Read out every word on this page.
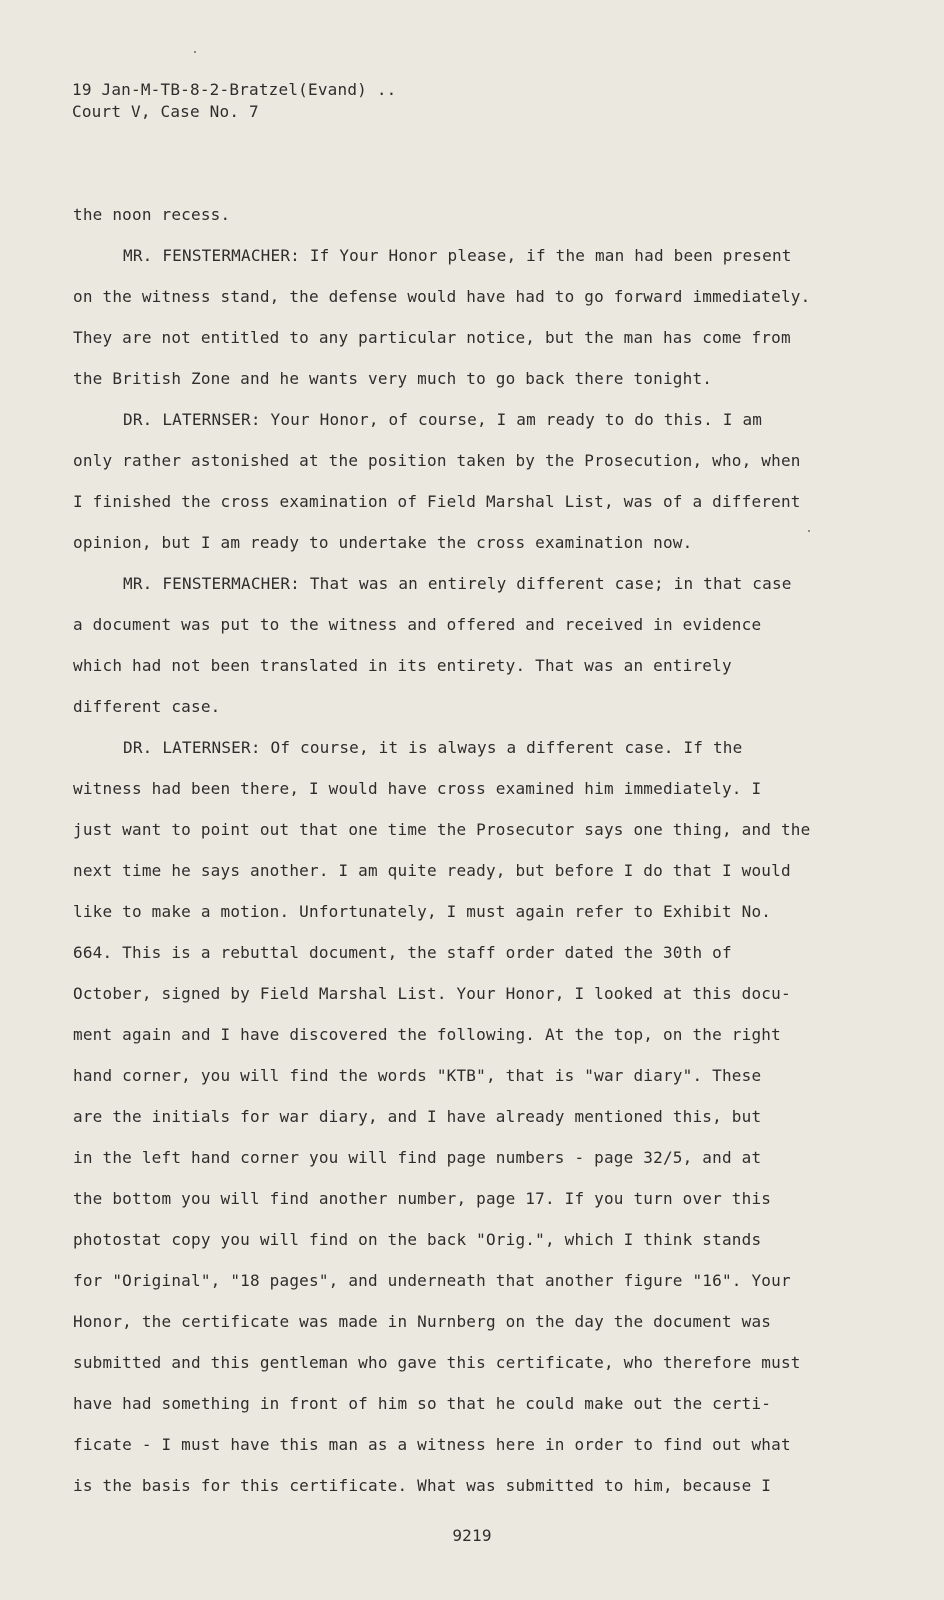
19 Jan-M-TB-8-2-Bratzel(Evand) ..
Court V, Case No. 7
the noon recess.
MR. FENSTERMACHER: If Your Honor please, if the man had been present
on the witness stand, the defense would have had to go forward immediately.
They are not entitled to any particular notice, but the man has come from
the British Zone and he wants very much to go back there tonight.
DR. LATERNSER: Your Honor, of course, I am ready to do this. I am
only rather astonished at the position taken by the Prosecution, who, when
I finished the cross examination of Field Marshal List, was of a different
opinion, but I am ready to undertake the cross examination now.
MR. FENSTERMACHER: That was an entirely different case; in that case
a document was put to the witness and offered and received in evidence
which had not been translated in its entirety. That was an entirely
different case.
DR. LATERNSER: Of course, it is always a different case. If the
witness had been there, I would have cross examined him immediately. I
just want to point out that one time the Prosecutor says one thing, and the
next time he says another. I am quite ready, but before I do that I would
like to make a motion. Unfortunately, I must again refer to Exhibit No.
664. This is a rebuttal document, the staff order dated the 30th of
October, signed by Field Marshal List. Your Honor, I looked at this docu-
ment again and I have discovered the following. At the top, on the right
hand corner, you will find the words "KTB", that is "war diary". These
are the initials for war diary, and I have already mentioned this, but
in the left hand corner you will find page numbers - page 32/5, and at
the bottom you will find another number, page 17. If you turn over this
photostat copy you will find on the back "Orig.", which I think stands
for "Original", "18 pages", and underneath that another figure "16". Your
Honor, the certificate was made in Nurnberg on the day the document was
submitted and this gentleman who gave this certificate, who therefore must
have had something in front of him so that he could make out the certi-
ficate - I must have this man as a witness here in order to find out what
is the basis for this certificate. What was submitted to him, because I
9219
